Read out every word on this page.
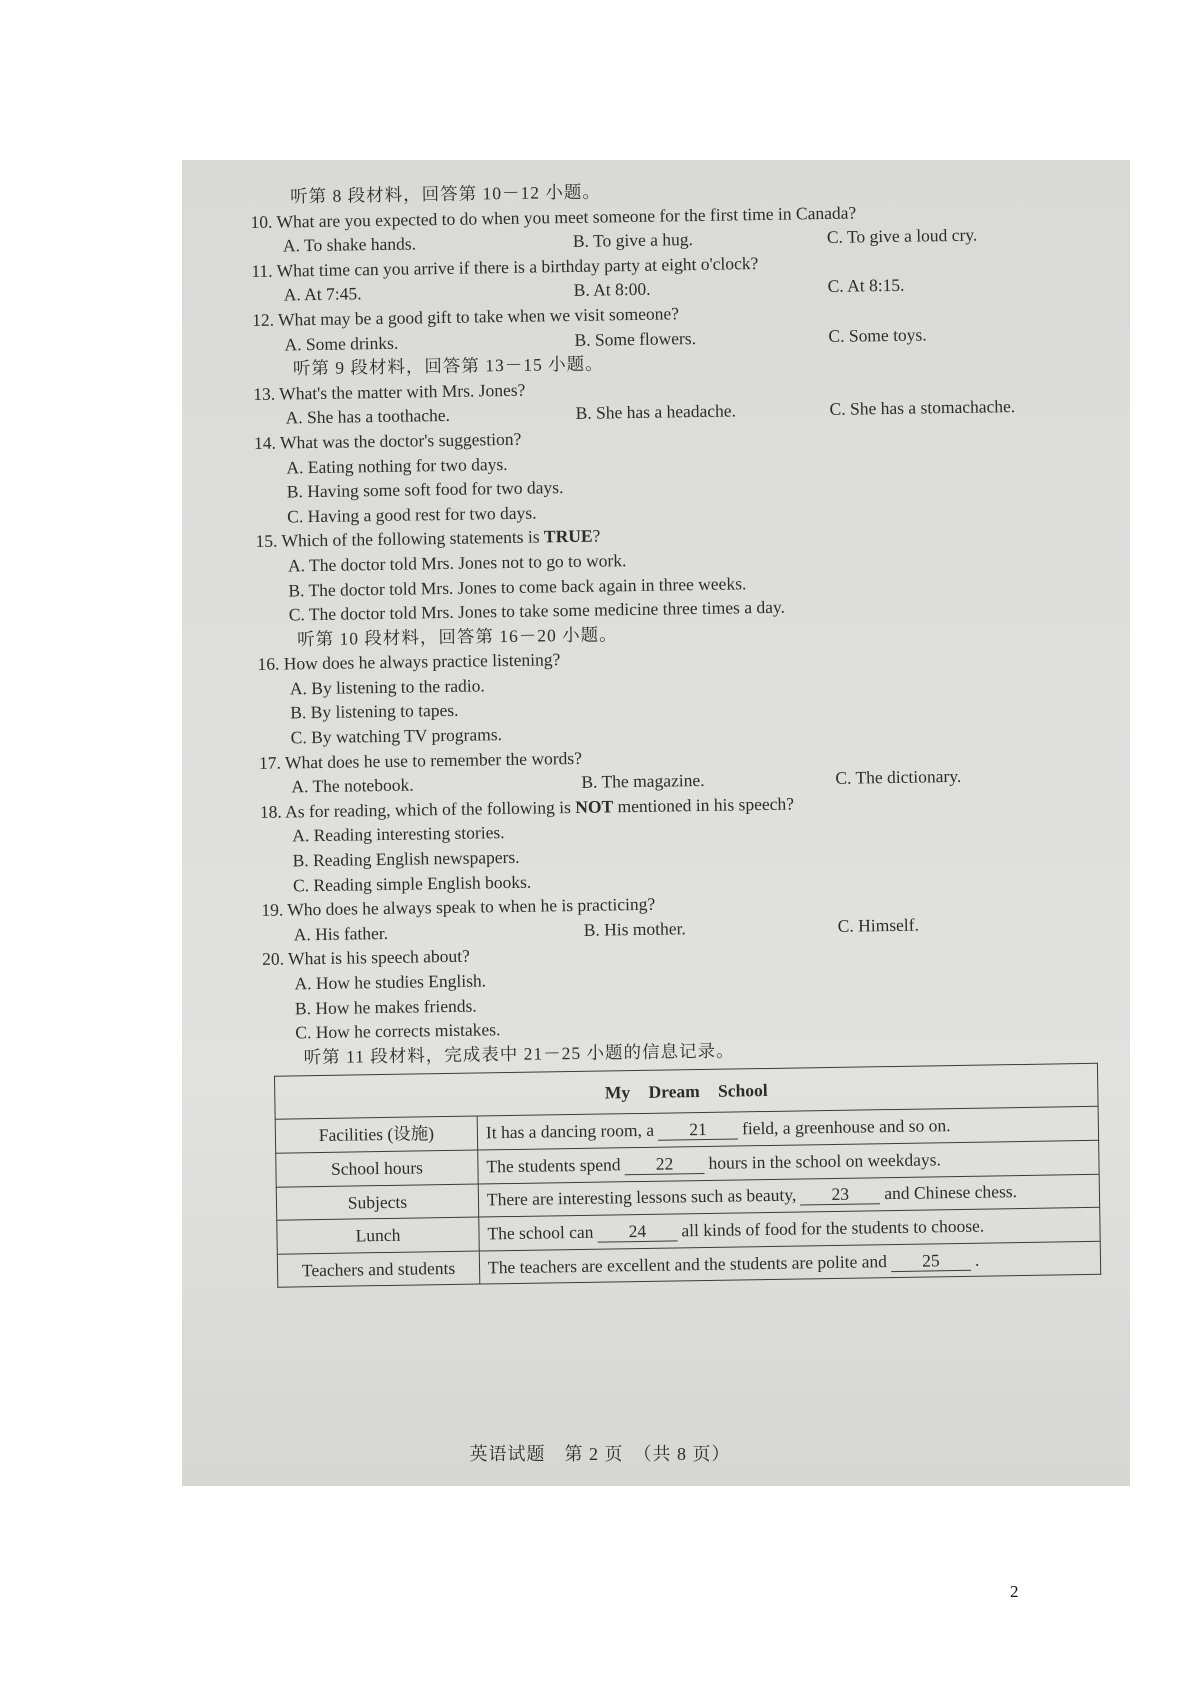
听第 8 段材料，回答第 10－12 小题。
10. What are you expected to do when you meet someone for the first time in Canada?
A. To shake hands.	B. To give a hug.	C. To give a loud cry.
11. What time can you arrive if there is a birthday party at eight o'clock?
A. At 7:45.	B. At 8:00.	C. At 8:15.
12. What may be a good gift to take when we visit someone?
A. Some drinks.	B. Some flowers.	C. Some toys.
听第 9 段材料，回答第 13－15 小题。
13. What's the matter with Mrs. Jones?
A. She has a toothache.	B. She has a headache.	C. She has a stomachache.
14. What was the doctor's suggestion?
A. Eating nothing for two days.
B. Having some soft food for two days.
C. Having a good rest for two days.
15. Which of the following statements is TRUE?
A. The doctor told Mrs. Jones not to go to work.
B. The doctor told Mrs. Jones to come back again in three weeks.
C. The doctor told Mrs. Jones to take some medicine three times a day.
听第 10 段材料，回答第 16－20 小题。
16. How does he always practice listening?
A. By listening to the radio.
B. By listening to tapes.
C. By watching TV programs.
17. What does he use to remember the words?
A. The notebook.	B. The magazine.	C. The dictionary.
18. As for reading, which of the following is NOT mentioned in his speech?
A. Reading interesting stories.
B. Reading English newspapers.
C. Reading simple English books.
19. Who does he always speak to when he is practicing?
A. His father.	B. His mother.	C. Himself.
20. What is his speech about?
A. How he studies English.
B. How he makes friends.
C. How he corrects mistakes.
听第 11 段材料，完成表中 21－25 小题的信息记录。
My Dream School	
Facilities (设施)	It has a dancing room, a 21 field, a greenhouse and so on.
School hours	The students spend 22 hours in the school on weekdays.
Subjects	There are interesting lessons such as beauty, 23 and Chinese chess.
Lunch	The school can 24 all kinds of food for the students to choose.
Teachers and students	The teachers are excellent and the students are polite and 25 .
英语试题　第 2 页　（共 8 页）
2
